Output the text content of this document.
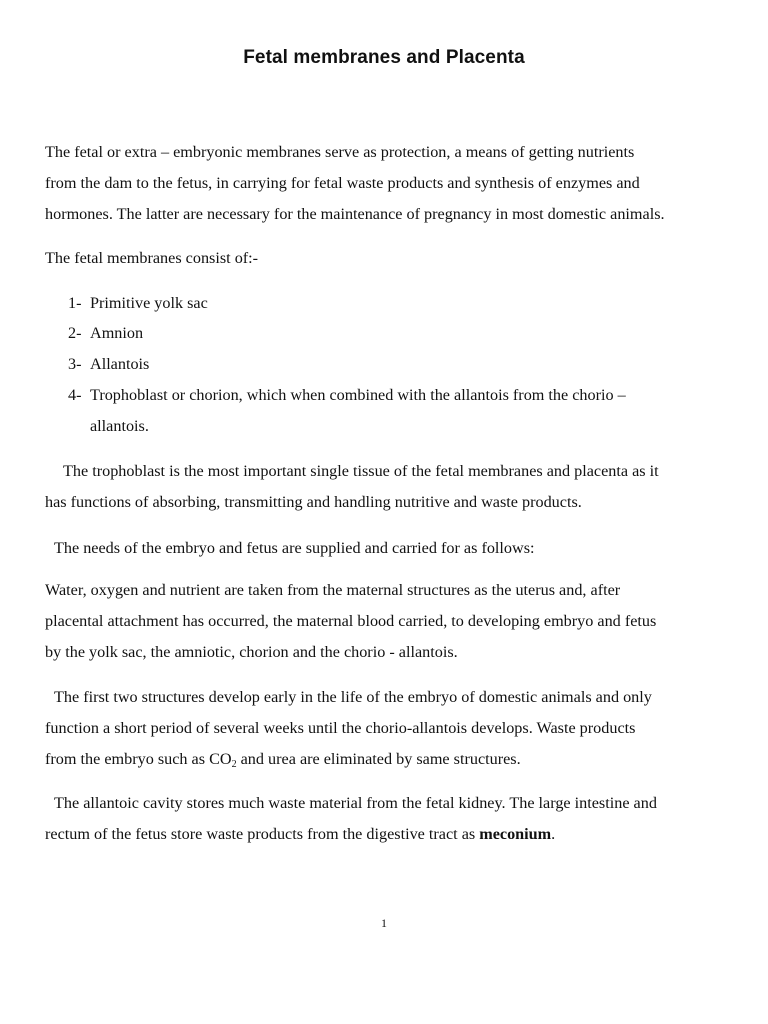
Fetal membranes and Placenta
The fetal or extra – embryonic membranes serve as protection, a means of getting nutrients
from the dam to the fetus, in carrying for fetal waste products and synthesis of enzymes and
hormones. The latter are necessary for the maintenance of pregnancy in most domestic animals.
The fetal membranes consist of:-
1- Primitive yolk sac
2- Amnion
3- Allantois
4- Trophoblast or chorion, which when combined with the allantois from the chorio –
allantois.
The trophoblast is the most important single tissue of the fetal membranes and placenta as it
has functions of absorbing, transmitting and handling nutritive and waste products.
The needs of the embryo and fetus are supplied and carried for as follows:
Water, oxygen and nutrient are taken from the maternal structures as the uterus and, after
placental attachment has occurred, the maternal blood carried, to developing embryo and fetus
by the yolk sac, the amniotic, chorion and the chorio - allantois.
The first two structures develop early in the life of the embryo of domestic animals and only
function a short period of several weeks until the chorio-allantois develops. Waste products
from the embryo such as $CO_2$ and urea are eliminated by same structures.
The allantoic cavity stores much waste material from the fetal kidney. The large intestine and
rectum of the fetus store waste products from the digestive tract as meconium.
1
